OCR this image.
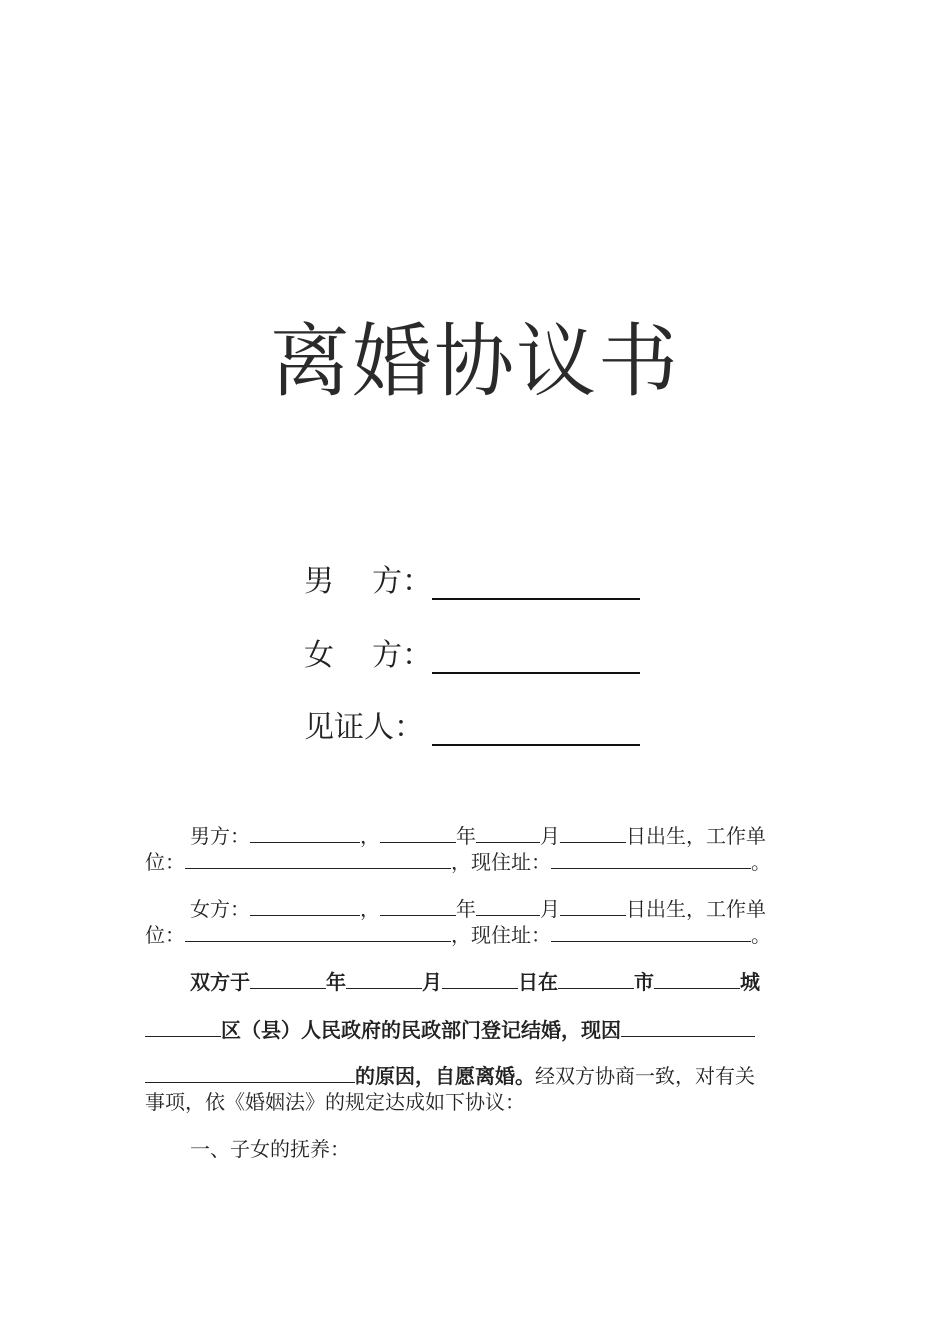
离婚协议书
男    方：
女    方：
见证人：
男方：	，	年	月	日出生，工作单
位：	，现住址：	。
女方：	，	年	月	日出生，工作单
位：	，现住址：	。
双方于	年	月	日在	市	城
区（县）人民政府的民政部门登记结婚，现因
的原因，自愿离婚。经双方协商一致，对有关
事项，依《婚姻法》的规定达成如下协议：
一、子女的抚养：
